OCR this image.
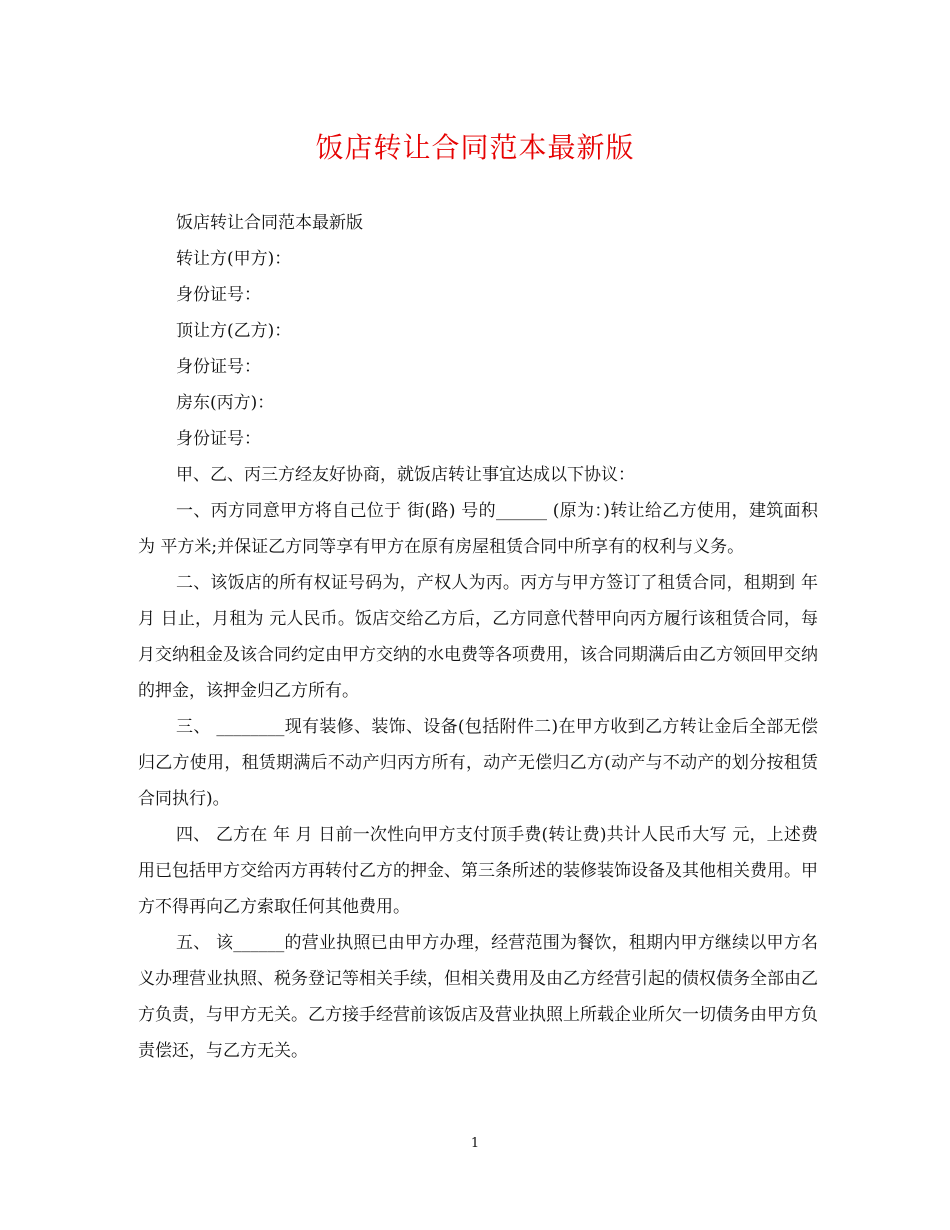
饭店转让合同范本最新版

饭店转让合同范本最新版

转让方(甲方)：

身份证号：

顶让方(乙方)：

身份证号：

房东(丙方)：

身份证号：

甲、乙、丙三方经友好协商，就饭店转让事宜达成以下协议：

一、丙方同意甲方将自己位于 街(路) 号的______ (原为：)转让给乙方使用，建筑面积为 平方米;并保证乙方同等享有甲方在原有房屋租赁合同中所享有的权利与义务。

二、该饭店的所有权证号码为，产权人为丙。丙方与甲方签订了租赁合同，租期到 年 月 日止，月租为 元人民币。饭店交给乙方后，乙方同意代替甲向丙方履行该租赁合同，每月交纳租金及该合同约定由甲方交纳的水电费等各项费用，该合同期满后由乙方领回甲交纳的押金，该押金归乙方所有。

三、 ________现有装修、装饰、设备(包括附件二)在甲方收到乙方转让金后全部无偿归乙方使用，租赁期满后不动产归丙方所有，动产无偿归乙方(动产与不动产的划分按租赁合同执行)。

四、 乙方在 年 月 日前一次性向甲方支付顶手费(转让费)共计人民币大写 元，上述费用已包括甲方交给丙方再转付乙方的押金、第三条所述的装修装饰设备及其他相关费用。甲方不得再向乙方索取任何其他费用。

五、 该______的营业执照已由甲方办理，经营范围为餐饮，租期内甲方继续以甲方名义办理营业执照、税务登记等相关手续，但相关费用及由乙方经营引起的债权债务全部由乙方负责，与甲方无关。乙方接手经营前该饭店及营业执照上所载企业所欠一切债务由甲方负责偿还，与乙方无关。

1
